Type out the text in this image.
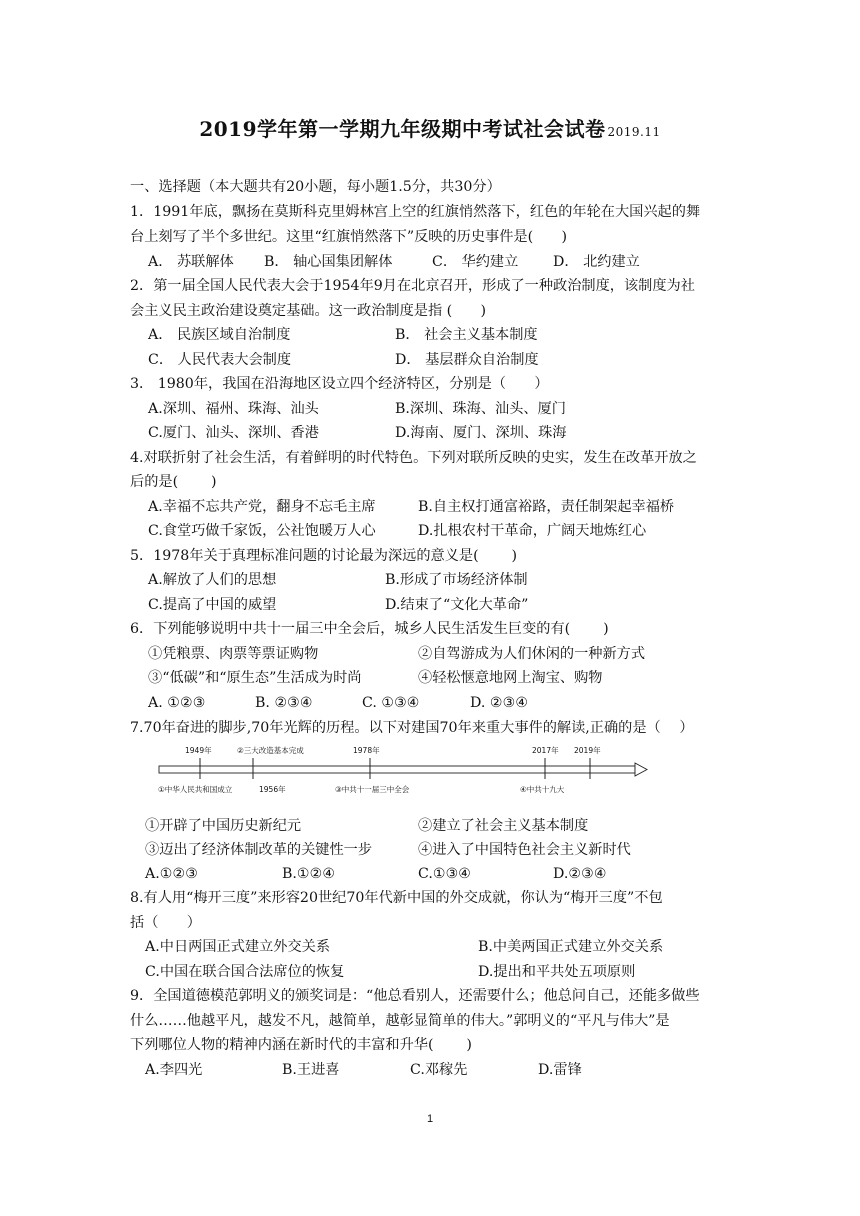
2019学年第一学期九年级期中考试社会试卷 2019.11
一、选择题（本大题共有20小题，每小题1.5分，共30分）
1．1991年底，飘扬在莫斯科克里姆林宫上空的红旗悄然落下，红色的年轮在大国兴起的舞
台上刻写了半个多世纪。这里“红旗悄然落下”反映的历史事件是(　　)
A． 苏联解体 B． 轴心国集团解体	C． 华约建立 D． 北约建立
2．第一届全国人民代表大会于1954年9月在北京召开，形成了一种政治制度，该制度为社
会主义民主政治建设奠定基础。这一政治制度是指 (　　)
A． 民族区域自治制度	B． 社会主义基本制度
C． 人民代表大会制度	D． 基层群众自治制度
3． 1980年，我国在沿海地区设立四个经济特区，分别是（　　）
A.深圳、福州、珠海、汕头	B.深圳、珠海、汕头、厦门
C.厦门、汕头、深圳、香港	D.海南、厦门、深圳、珠海
4.对联折射了社会生活，有着鲜明的时代特色。下列对联所反映的史实，发生在改革开放之
后的是(　　 )
A.幸福不忘共产党，翻身不忘毛主席	B.自主权打通富裕路，责任制架起幸福桥
C.食堂巧做千家饭，公社饱暖万人心	D.扎根农村干革命，广阔天地炼红心
5．1978年关于真理标准问题的讨论最为深远的意义是(　　 )
A.解放了人们的思想	B.形成了市场经济体制
C.提高了中国的威望	D.结束了“文化大革命”
6．下列能够说明中共十一届三中全会后，城乡人民生活发生巨变的有(　　 )
①凭粮票、肉票等票证购物	②自驾游成为人们休闲的一种新方式
③“低碳”和“原生态”生活成为时尚	④轻松惬意地网上淘宝、购物
A. ①②③	B. ②③④	C. ①③④	D. ②③④
7.70年奋进的脚步,70年光辉的历程。以下对建国70年来重大事件的解读,正确的是（　 ）
1949年	②三大改造基本完成	1978年	2017年 2019年
①中华人民共和国成立	1956年	③中共十一届三中全会	④中共十九大
①开辟了中国历史新纪元	②建立了社会主义基本制度
③迈出了经济体制改革的关键性一步	④进入了中国特色社会主义新时代
A.①②③	B.①②④	C.①③④	D.②③④
8.有人用“梅开三度”来形容20世纪70年代新中国的外交成就，你认为“梅开三度”不包
括（　　）
A.中日两国正式建立外交关系	B.中美两国正式建立外交关系
C.中国在联合国合法席位的恢复	D.提出和平共处五项原则
9．全国道德模范郭明义的颁奖词是：“他总看别人，还需要什么；他总问自己，还能多做些
什么……他越平凡，越发不凡，越简单，越彰显简单的伟大。”郭明义的“平凡与伟大”是
下列哪位人物的精神内涵在新时代的丰富和升华(　　 )
A.李四光	B.王进喜	C.邓稼先	D.雷锋
1
